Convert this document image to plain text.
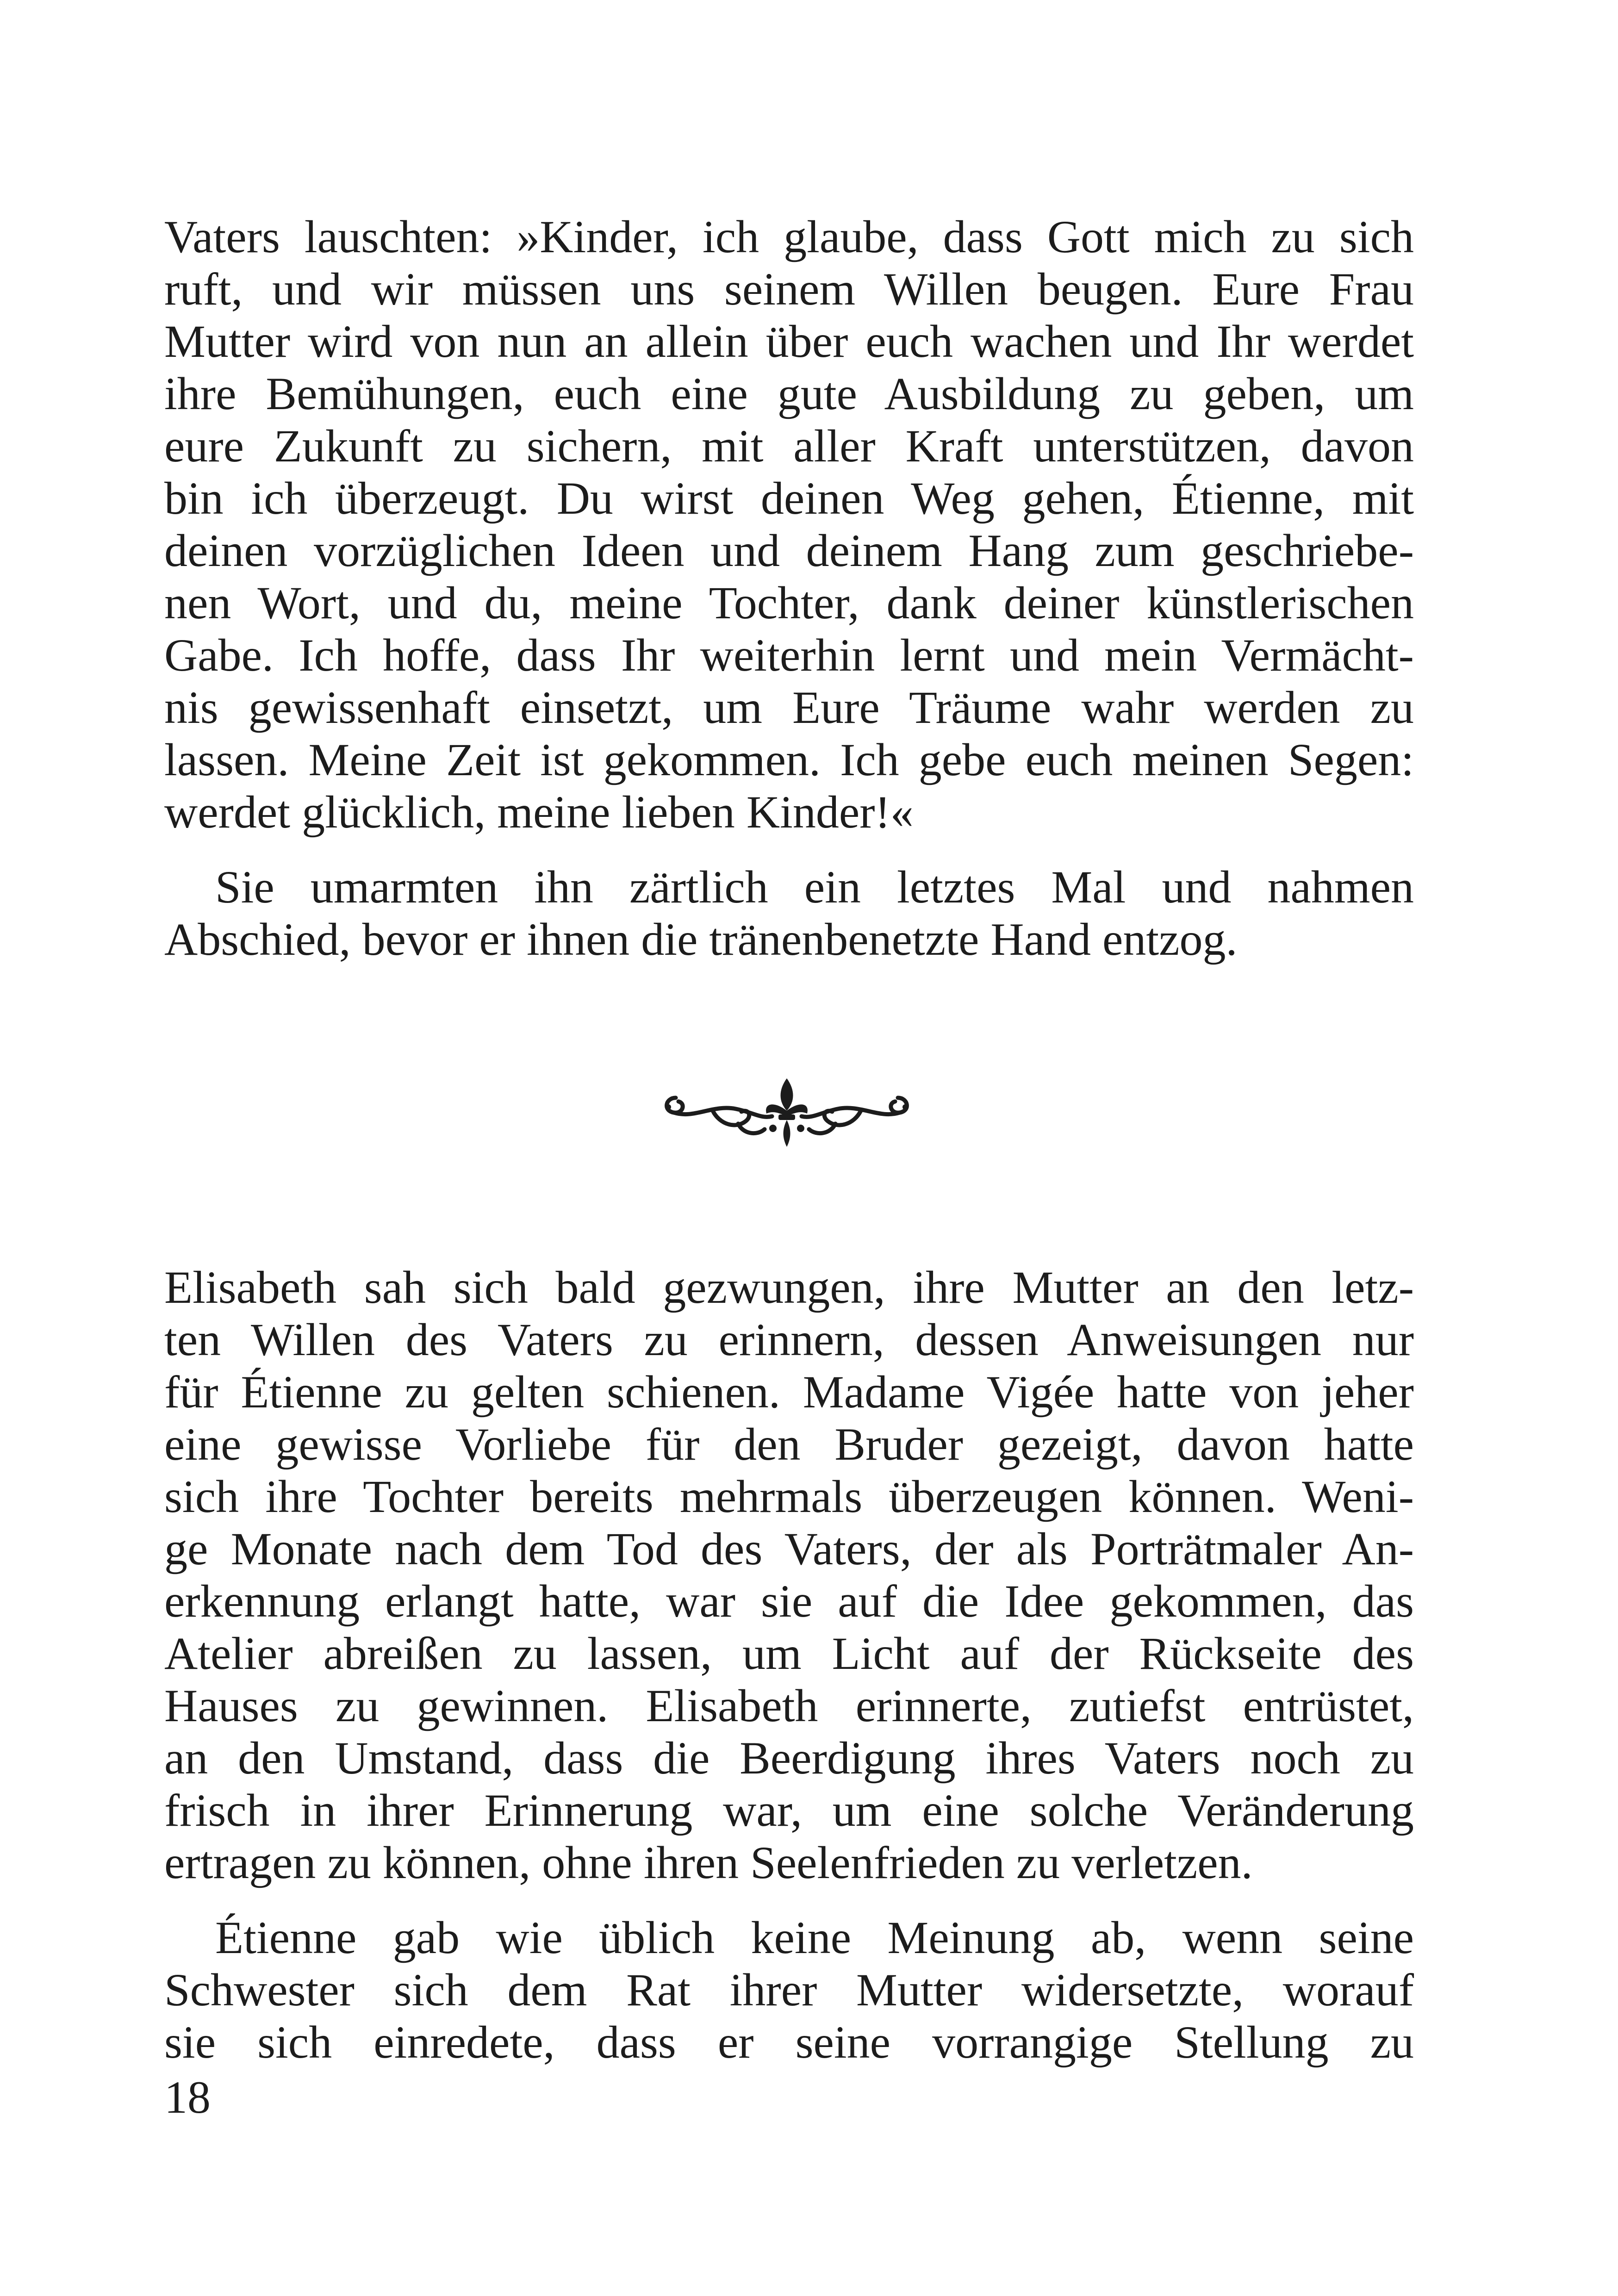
Vaters lauschten: »Kinder, ich glaube, dass Gott mich zu sich
ruft, und wir müssen uns seinem Willen beugen. Eure Frau
Mutter wird von nun an allein über euch wachen und Ihr werdet
ihre Bemühungen, euch eine gute Ausbildung zu geben, um
eure Zukunft zu sichern, mit aller Kraft unterstützen, davon
bin ich überzeugt. Du wirst deinen Weg gehen, Étienne, mit
deinen vorzüglichen Ideen und deinem Hang zum geschriebe-
nen Wort, und du, meine Tochter, dank deiner künstlerischen
Gabe. Ich hoffe, dass Ihr weiterhin lernt und mein Vermächt-
nis gewissenhaft einsetzt, um Eure Träume wahr werden zu
lassen. Meine Zeit ist gekommen. Ich gebe euch meinen Segen:
werdet glücklich, meine lieben Kinder!«
Sie umarmten ihn zärtlich ein letztes Mal und nahmen
Abschied, bevor er ihnen die tränenbenetzte Hand entzog.
Elisabeth sah sich bald gezwungen, ihre Mutter an den letz-
ten Willen des Vaters zu erinnern, dessen Anweisungen nur
für Étienne zu gelten schienen. Madame Vigée hatte von jeher
eine gewisse Vorliebe für den Bruder gezeigt, davon hatte
sich ihre Tochter bereits mehrmals überzeugen können. Weni-
ge Monate nach dem Tod des Vaters, der als Porträtmaler An-
erkennung erlangt hatte, war sie auf die Idee gekommen, das
Atelier abreißen zu lassen, um Licht auf der Rückseite des
Hauses zu gewinnen. Elisabeth erinnerte, zutiefst entrüstet,
an den Umstand, dass die Beerdigung ihres Vaters noch zu
frisch in ihrer Erinnerung war, um eine solche Veränderung
ertragen zu können, ohne ihren Seelenfrieden zu verletzen.
Étienne gab wie üblich keine Meinung ab, wenn seine
Schwester sich dem Rat ihrer Mutter widersetzte, worauf
sie sich einredete, dass er seine vorrangige Stellung zu
18
